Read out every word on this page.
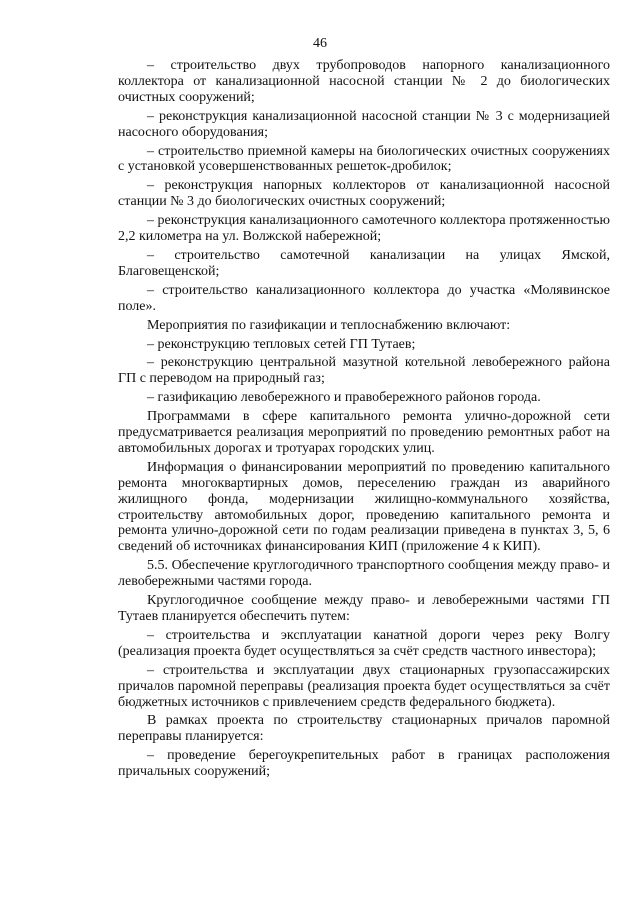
46

– строительство двух трубопроводов напорного канализационного коллектора от канализационной насосной станции № 2 до биологических очистных сооружений;

– реконструкция канализационной насосной станции № 3 с модернизацией насосного оборудования;

– строительство приемной камеры на биологических очистных сооружениях с установкой усовершенствованных решеток-дробилок;

– реконструкция напорных коллекторов от канализационной насосной станции № 3 до биологических очистных сооружений;

– реконструкция канализационного самотечного коллектора протяженностью 2,2 километра на ул. Волжской набережной;

– строительство самотечной канализации на улицах Ямской, Благовещенской;

– строительство канализационного коллектора до участка «Молявинское поле».

Мероприятия по газификации и теплоснабжению включают:

– реконструкцию тепловых сетей ГП Тутаев;

– реконструкцию центральной мазутной котельной левобережного района ГП с переводом на природный газ;

– газификацию левобережного и правобережного районов города.

Программами в сфере капитального ремонта улично-дорожной сети предусматривается реализация мероприятий по проведению ремонтных работ на автомобильных дорогах и тротуарах городских улиц.

Информация о финансировании мероприятий по проведению капитального ремонта многоквартирных домов, переселению граждан из аварийного жилищного фонда, модернизации жилищно-коммунального хозяйства, строительству автомобильных дорог, проведению капитального ремонта и ремонта улично-дорожной сети по годам реализации приведена в пунктах 3, 5, 6 сведений об источниках финансирования КИП (приложение 4 к КИП).

5.5. Обеспечение круглогодичного транспортного сообщения между право- и левобережными частями города.

Круглогодичное сообщение между право- и левобережными частями ГП Тутаев планируется обеспечить путем:

– строительства и эксплуатации канатной дороги через реку Волгу (реализация проекта будет осуществляться за счёт средств частного инвестора);

– строительства и эксплуатации двух стационарных грузопассажирских причалов паромной переправы (реализация проекта будет осуществляться за счёт бюджетных источников с привлечением средств федерального бюджета).

В рамках проекта по строительству стационарных причалов паромной переправы планируется:

– проведение берегоукрепительных работ в границах расположения причальных сооружений;
